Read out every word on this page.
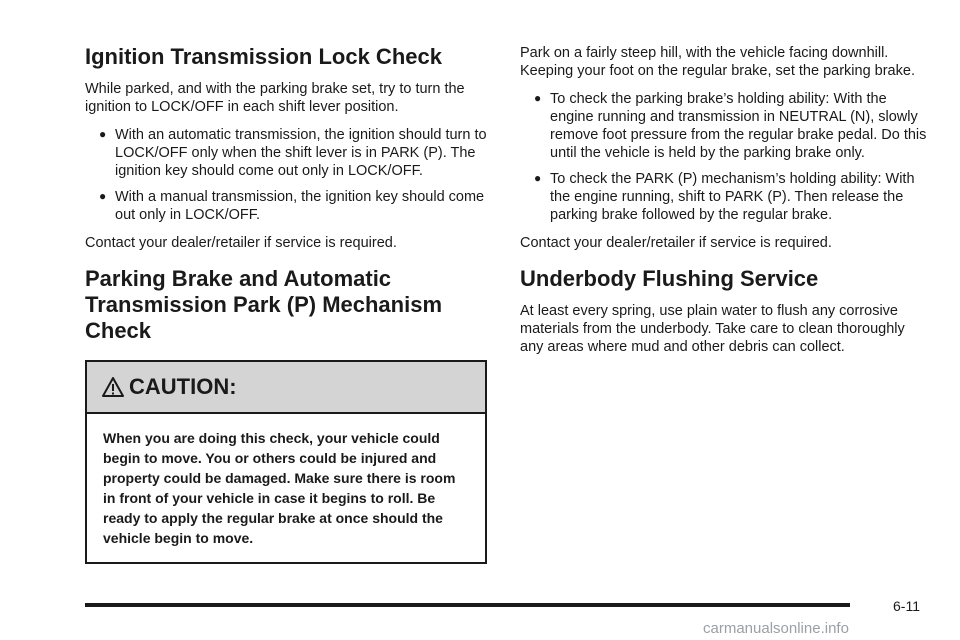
Ignition Transmission Lock Check

While parked, and with the parking brake set, try to turn the ignition to LOCK/OFF in each shift lever position.

● With an automatic transmission, the ignition should turn to LOCK/OFF only when the shift lever is in PARK (P). The ignition key should come out only in LOCK/OFF.
● With a manual transmission, the ignition key should come out only in LOCK/OFF.

Contact your dealer/retailer if service is required.

Parking Brake and Automatic Transmission Park (P) Mechanism Check
CAUTION:
When you are doing this check, your vehicle could begin to move. You or others could be injured and property could be damaged. Make sure there is room in front of your vehicle in case it begins to roll. Be ready to apply the regular brake at once should the vehicle begin to move.

Park on a fairly steep hill, with the vehicle facing downhill. Keeping your foot on the regular brake, set the parking brake.

● To check the parking brake’s holding ability: With the engine running and transmission in NEUTRAL (N), slowly remove foot pressure from the regular brake pedal. Do this until the vehicle is held by the parking brake only.
● To check the PARK (P) mechanism’s holding ability: With the engine running, shift to PARK (P). Then release the parking brake followed by the regular brake.

Contact your dealer/retailer if service is required.

Underbody Flushing Service

At least every spring, use plain water to flush any corrosive materials from the underbody. Take care to clean thoroughly any areas where mud and other debris can collect.

6-11
carmanualsonline.info
